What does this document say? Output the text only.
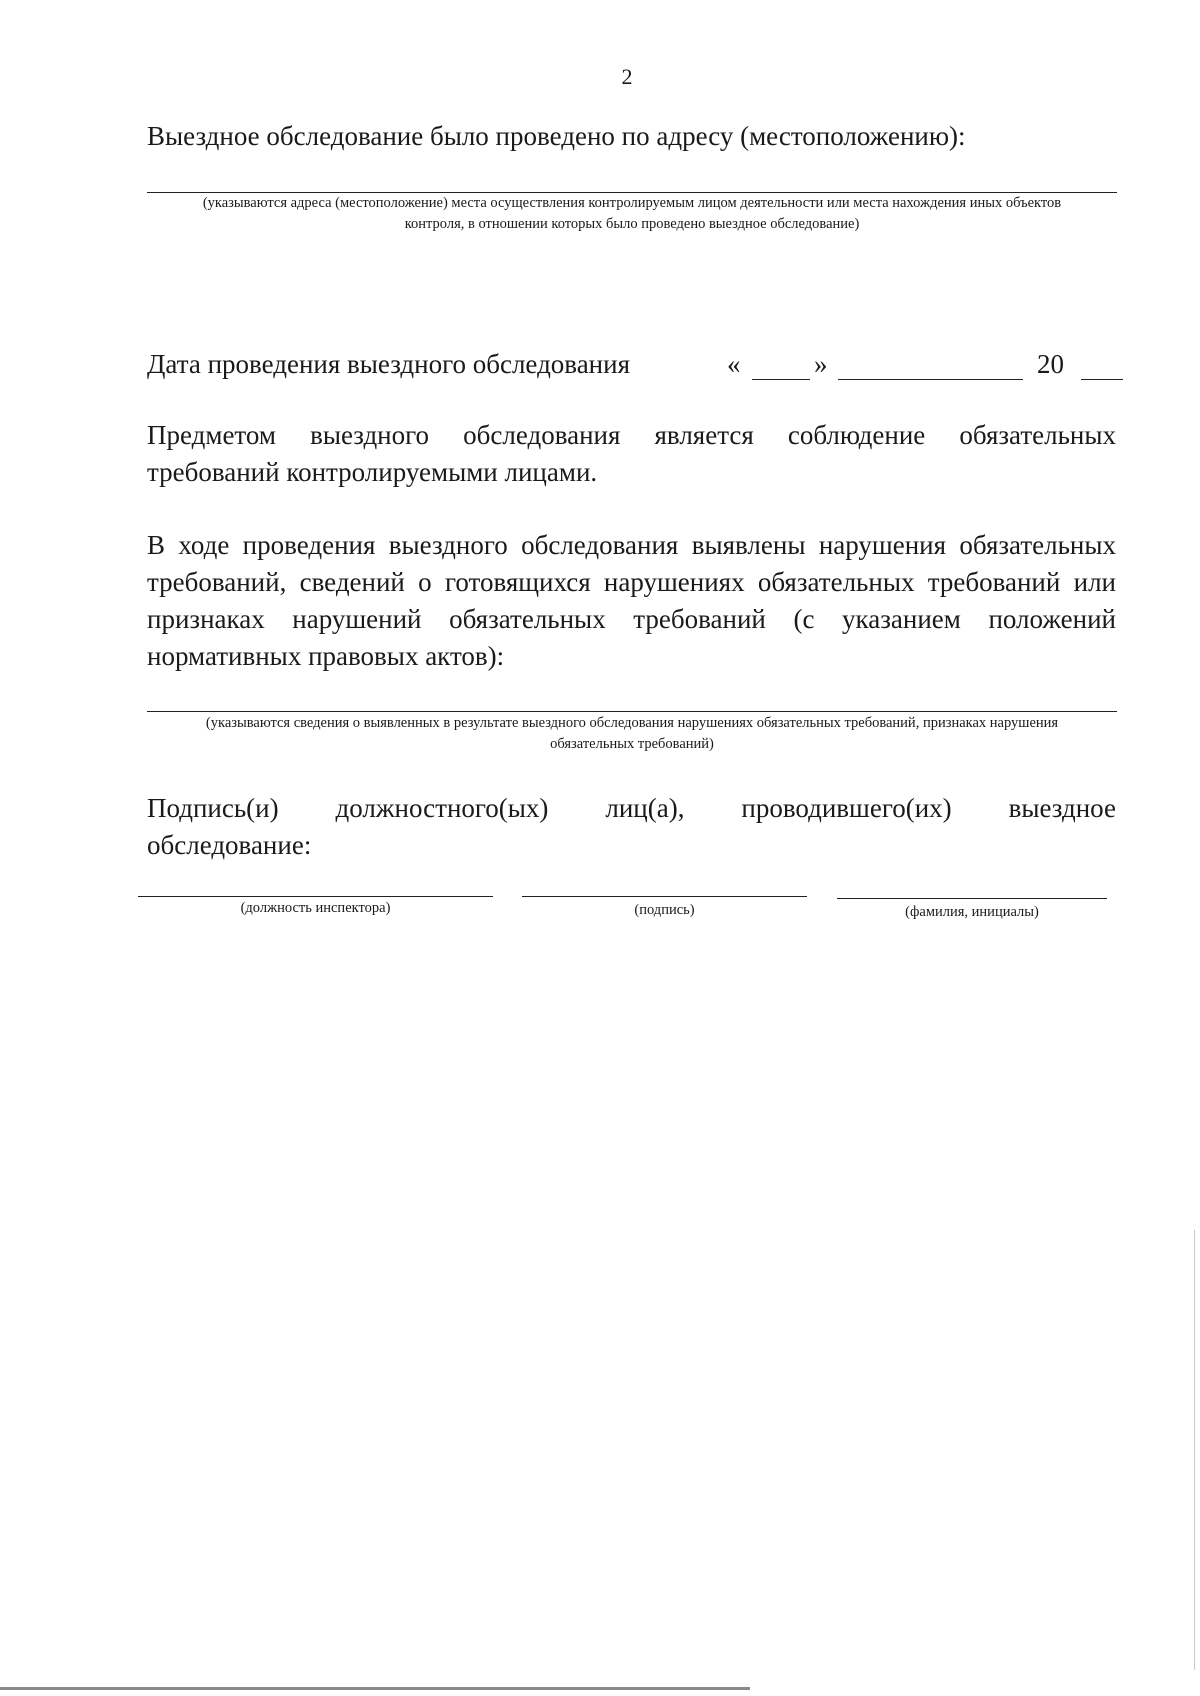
2
Выездное обследование было проведено по адресу (местоположению):
(указываются адреса (местоположение) места осуществления контролируемым лицом деятельности или места нахождения иных объектов
контроля, в отношении которых было проведено выездное обследование)
Дата проведения выездного обследования	«	»	20
Предметом выездного обследования является соблюдение обязательных
требований контролируемыми лицами.
В ходе проведения выездного обследования выявлены нарушения обязательных
требований, сведений о готовящихся нарушениях обязательных требований или
признаках нарушений обязательных требований (с указанием положений
нормативных правовых актов):
(указываются сведения о выявленных в результате выездного обследования нарушениях обязательных требований, признаках нарушения
обязательных требований)
Подпись(и) должностного(ых) лиц(а), проводившего(их) выездное
обследование:
(должность инспектора)	(подпись)	(фамилия, инициалы)
